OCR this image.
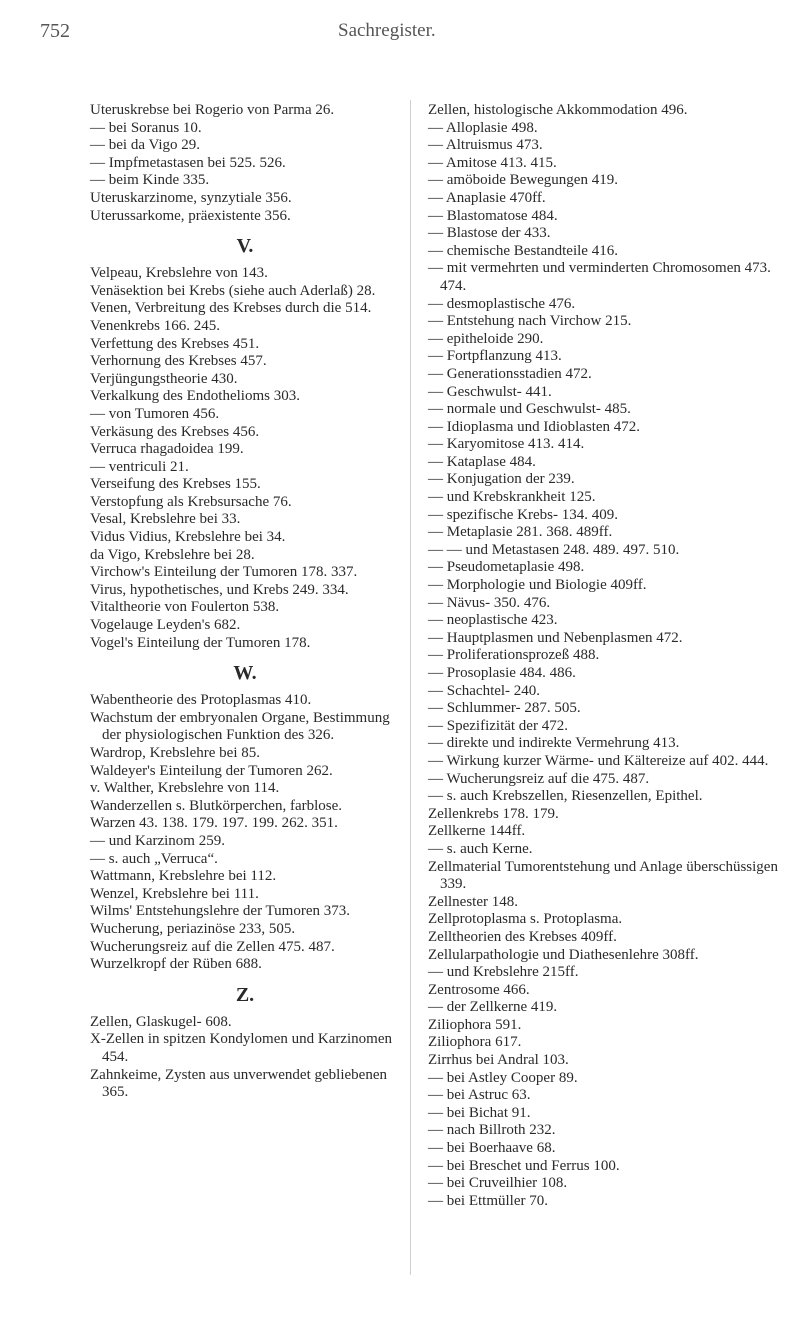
752	Sachregister.
Uteruskrebse bei Rogerio von Parma 26.
— bei Soranus 10.
— bei da Vigo 29.
— Impfmetastasen bei 525. 526.
— beim Kinde 335.
Uteruskarzinome, synzytiale 356.
Uterussarkome, präexistente 356.
V.
Velpeau, Krebslehre von 143.
Venäsektion bei Krebs (siehe auch Aderlaß) 28.
Venen, Verbreitung des Krebses durch die 514.
Venenkrebs 166. 245.
Verfettung des Krebses 451.
Verhornung des Krebses 457.
Verjüngungstheorie 430.
Verkalkung des Endothelioms 303.
— von Tumoren 456.
Verkäsung des Krebses 456.
Verruca rhagadoidea 199.
— ventriculi 21.
Verseifung des Krebses 155.
Verstopfung als Krebsursache 76.
Vesal, Krebslehre bei 33.
Vidus Vidius, Krebslehre bei 34.
da Vigo, Krebslehre bei 28.
Virchow's Einteilung der Tumoren 178. 337.
Virus, hypothetisches, und Krebs 249. 334.
Vitaltheorie von Foulerton 538.
Vogelauge Leyden's 682.
Vogel's Einteilung der Tumoren 178.
W.
Wabentheorie des Protoplasmas 410.
Wachstum der embryonalen Organe, Bestimmung der physiologischen Funktion des 326.
Wardrop, Krebslehre bei 85.
Waldeyer's Einteilung der Tumoren 262.
v. Walther, Krebslehre von 114.
Wanderzellen s. Blutkörperchen, farblose.
Warzen 43. 138. 179. 197. 199. 262. 351.
— und Karzinom 259.
— s. auch „Verruca“.
Wattmann, Krebslehre bei 112.
Wenzel, Krebslehre bei 111.
Wilms' Entstehungslehre der Tumoren 373.
Wucherung, periazinöse 233, 505.
Wucherungsreiz auf die Zellen 475. 487.
Wurzelkropf der Rüben 688.
Z.
Zellen, Glaskugel- 608.
X-Zellen in spitzen Kondylomen und Karzinomen 454.
Zahnkeime, Zysten aus unverwendet gebliebenen 365.
Zellen, histologische Akkommodation 496.
— Alloplasie 498.
— Altruismus 473.
— Amitose 413. 415.
— amöboide Bewegungen 419.
— Anaplasie 470ff.
— Blastomatose 484.
— Blastose der 433.
— chemische Bestandteile 416.
— mit vermehrten und verminderten Chromosomen 473. 474.
— desmoplastische 476.
— Entstehung nach Virchow 215.
— epitheloide 290.
— Fortpflanzung 413.
— Generationsstadien 472.
— Geschwulst- 441.
— normale und Geschwulst- 485.
— Idioplasma und Idioblasten 472.
— Karyomitose 413. 414.
— Kataplase 484.
— Konjugation der 239.
— und Krebskrankheit 125.
— spezifische Krebs- 134. 409.
— Metaplasie 281. 368. 489ff.
— — und Metastasen 248. 489. 497. 510.
— Pseudometaplasie 498.
— Morphologie und Biologie 409ff.
— Nävus- 350. 476.
— neoplastische 423.
— Hauptplasmen und Nebenplasmen 472.
— Proliferationsprozeß 488.
— Prosoplasie 484. 486.
— Schachtel- 240.
— Schlummer- 287. 505.
— Spezifizität der 472.
— direkte und indirekte Vermehrung 413.
— Wirkung kurzer Wärme- und Kältereize auf 402. 444.
— Wucherungsreiz auf die 475. 487.
— s. auch Krebszellen, Riesenzellen, Epithel.
Zellenkrebs 178. 179.
Zellkerne 144ff.
— s. auch Kerne.
Zellmaterial Tumorentstehung und Anlage überschüssigen 339.
Zellnester 148.
Zellprotoplasma s. Protoplasma.
Zelltheorien des Krebses 409ff.
Zellularpathologie und Diathesenlehre 308ff.
— und Krebslehre 215ff.
Zentrosome 466.
— der Zellkerne 419.
Ziliophora 591.
Ziliophora 617.
Zirrhus bei Andral 103.
— bei Astley Cooper 89.
— bei Astruc 63.
— bei Bichat 91.
— nach Billroth 232.
— bei Boerhaave 68.
— bei Breschet und Ferrus 100.
— bei Cruveilhier 108.
— bei Ettmüller 70.
